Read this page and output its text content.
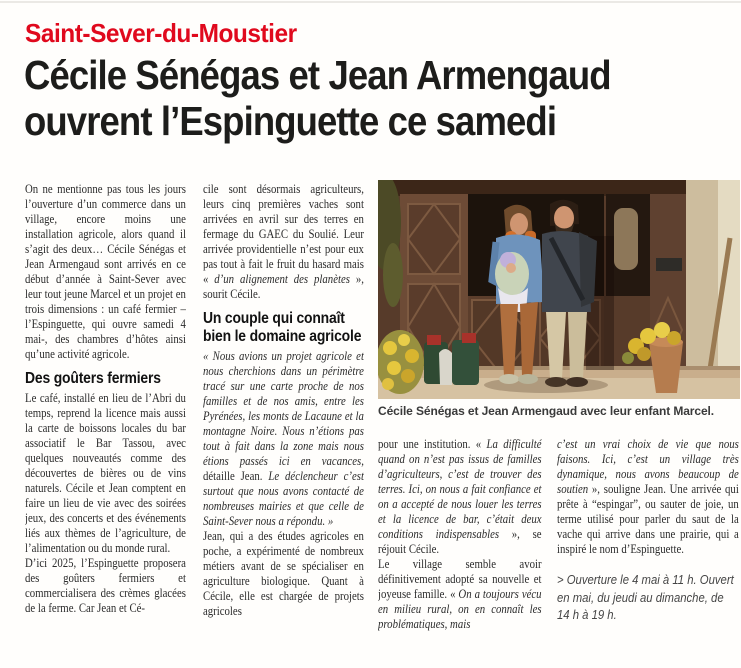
Saint-Sever-du-Moustier
Cécile Sénégas et Jean Armengaud ouvrent l’Espinguette ce samedi

On ne mentionne pas tous les jours l’ouverture d’un commerce dans un village, encore moins une installation agricole, alors quand il s’agit des deux… Cécile Sénégas et Jean Armengaud sont arrivés en ce début d’année à Saint-Sever avec leur tout jeune Marcel et un projet en trois dimensions : un café fermier – l’Espinguette, qui ouvre samedi 4 mai-, des chambres d’hôtes ainsi qu’une activité agricole.

Des goûters fermiers

Le café, installé en lieu de l’Abri du temps, reprend la licence mais aussi la carte de boissons locales du bar associatif le Bar Tassou, avec quelques nouveautés comme des découvertes de bières ou de vins naturels. Cécile et Jean comptent en faire un lieu de vie avec des soirées jeux, des concerts et des événements liés aux thèmes de l’agriculture, de l’alimentation ou du monde rural.

D’ici 2025, l’Espinguette proposera des goûters fermiers et commercialisera des crèmes glacées de la ferme. Car Jean et Cé-

cile sont désormais agriculteurs, leurs cinq premières vaches sont arrivées en avril sur des terres en fermage du GAEC du Soulié. Leur arrivée providentielle n’est pour eux pas tout à fait le fruit du hasard mais « d’un alignement des planètes », sourit Cécile.

Un couple qui connaît bien le domaine agricole

« Nous avions un projet agricole et nous cherchions dans un périmètre tracé sur une carte proche de nos familles et de nos amis, entre les Pyrénées, les monts de Lacaune et la montagne Noire. Nous n’étions pas tout à fait dans la zone mais nous étions passés ici en vacances, détaille Jean. Le déclencheur c’est surtout que nous avons contacté de nombreuses mairies et que celle de Saint-Sever nous a répondu. »

Jean, qui a des études agricoles en poche, a expérimenté de nombreux métiers avant de se spécialiser en agriculture biologique. Quant à Cécile, elle est chargée de projets agricoles

Cécile Sénégas et Jean Armengaud avec leur enfant Marcel.

pour une institution. « La difficulté quand on n’est pas issus de familles d’agriculteurs, c’est de trouver des terres. Ici, on nous a fait confiance et on a accepté de nous louer les terres et la licence de bar, c’était deux conditions indispensables », se réjouit Cécile.

Le village semble avoir définitivement adopté sa nouvelle et joyeuse famille. « On a toujours vécu en milieu rural, on en connaît les problématiques, mais

c’est un vrai choix de vie que nous faisons. Ici, c’est un village très dynamique, nous avons beaucoup de soutien », souligne Jean. Une arrivée qui prête à “espingar”, ou sauter de joie, un terme utilisé pour parler du saut de la vache qui arrive dans une prairie, qui a inspiré le nom d’Espinguette.

> Ouverture le 4 mai à 11 h. Ouvert en mai, du jeudi au dimanche, de 14 h à 19 h.
